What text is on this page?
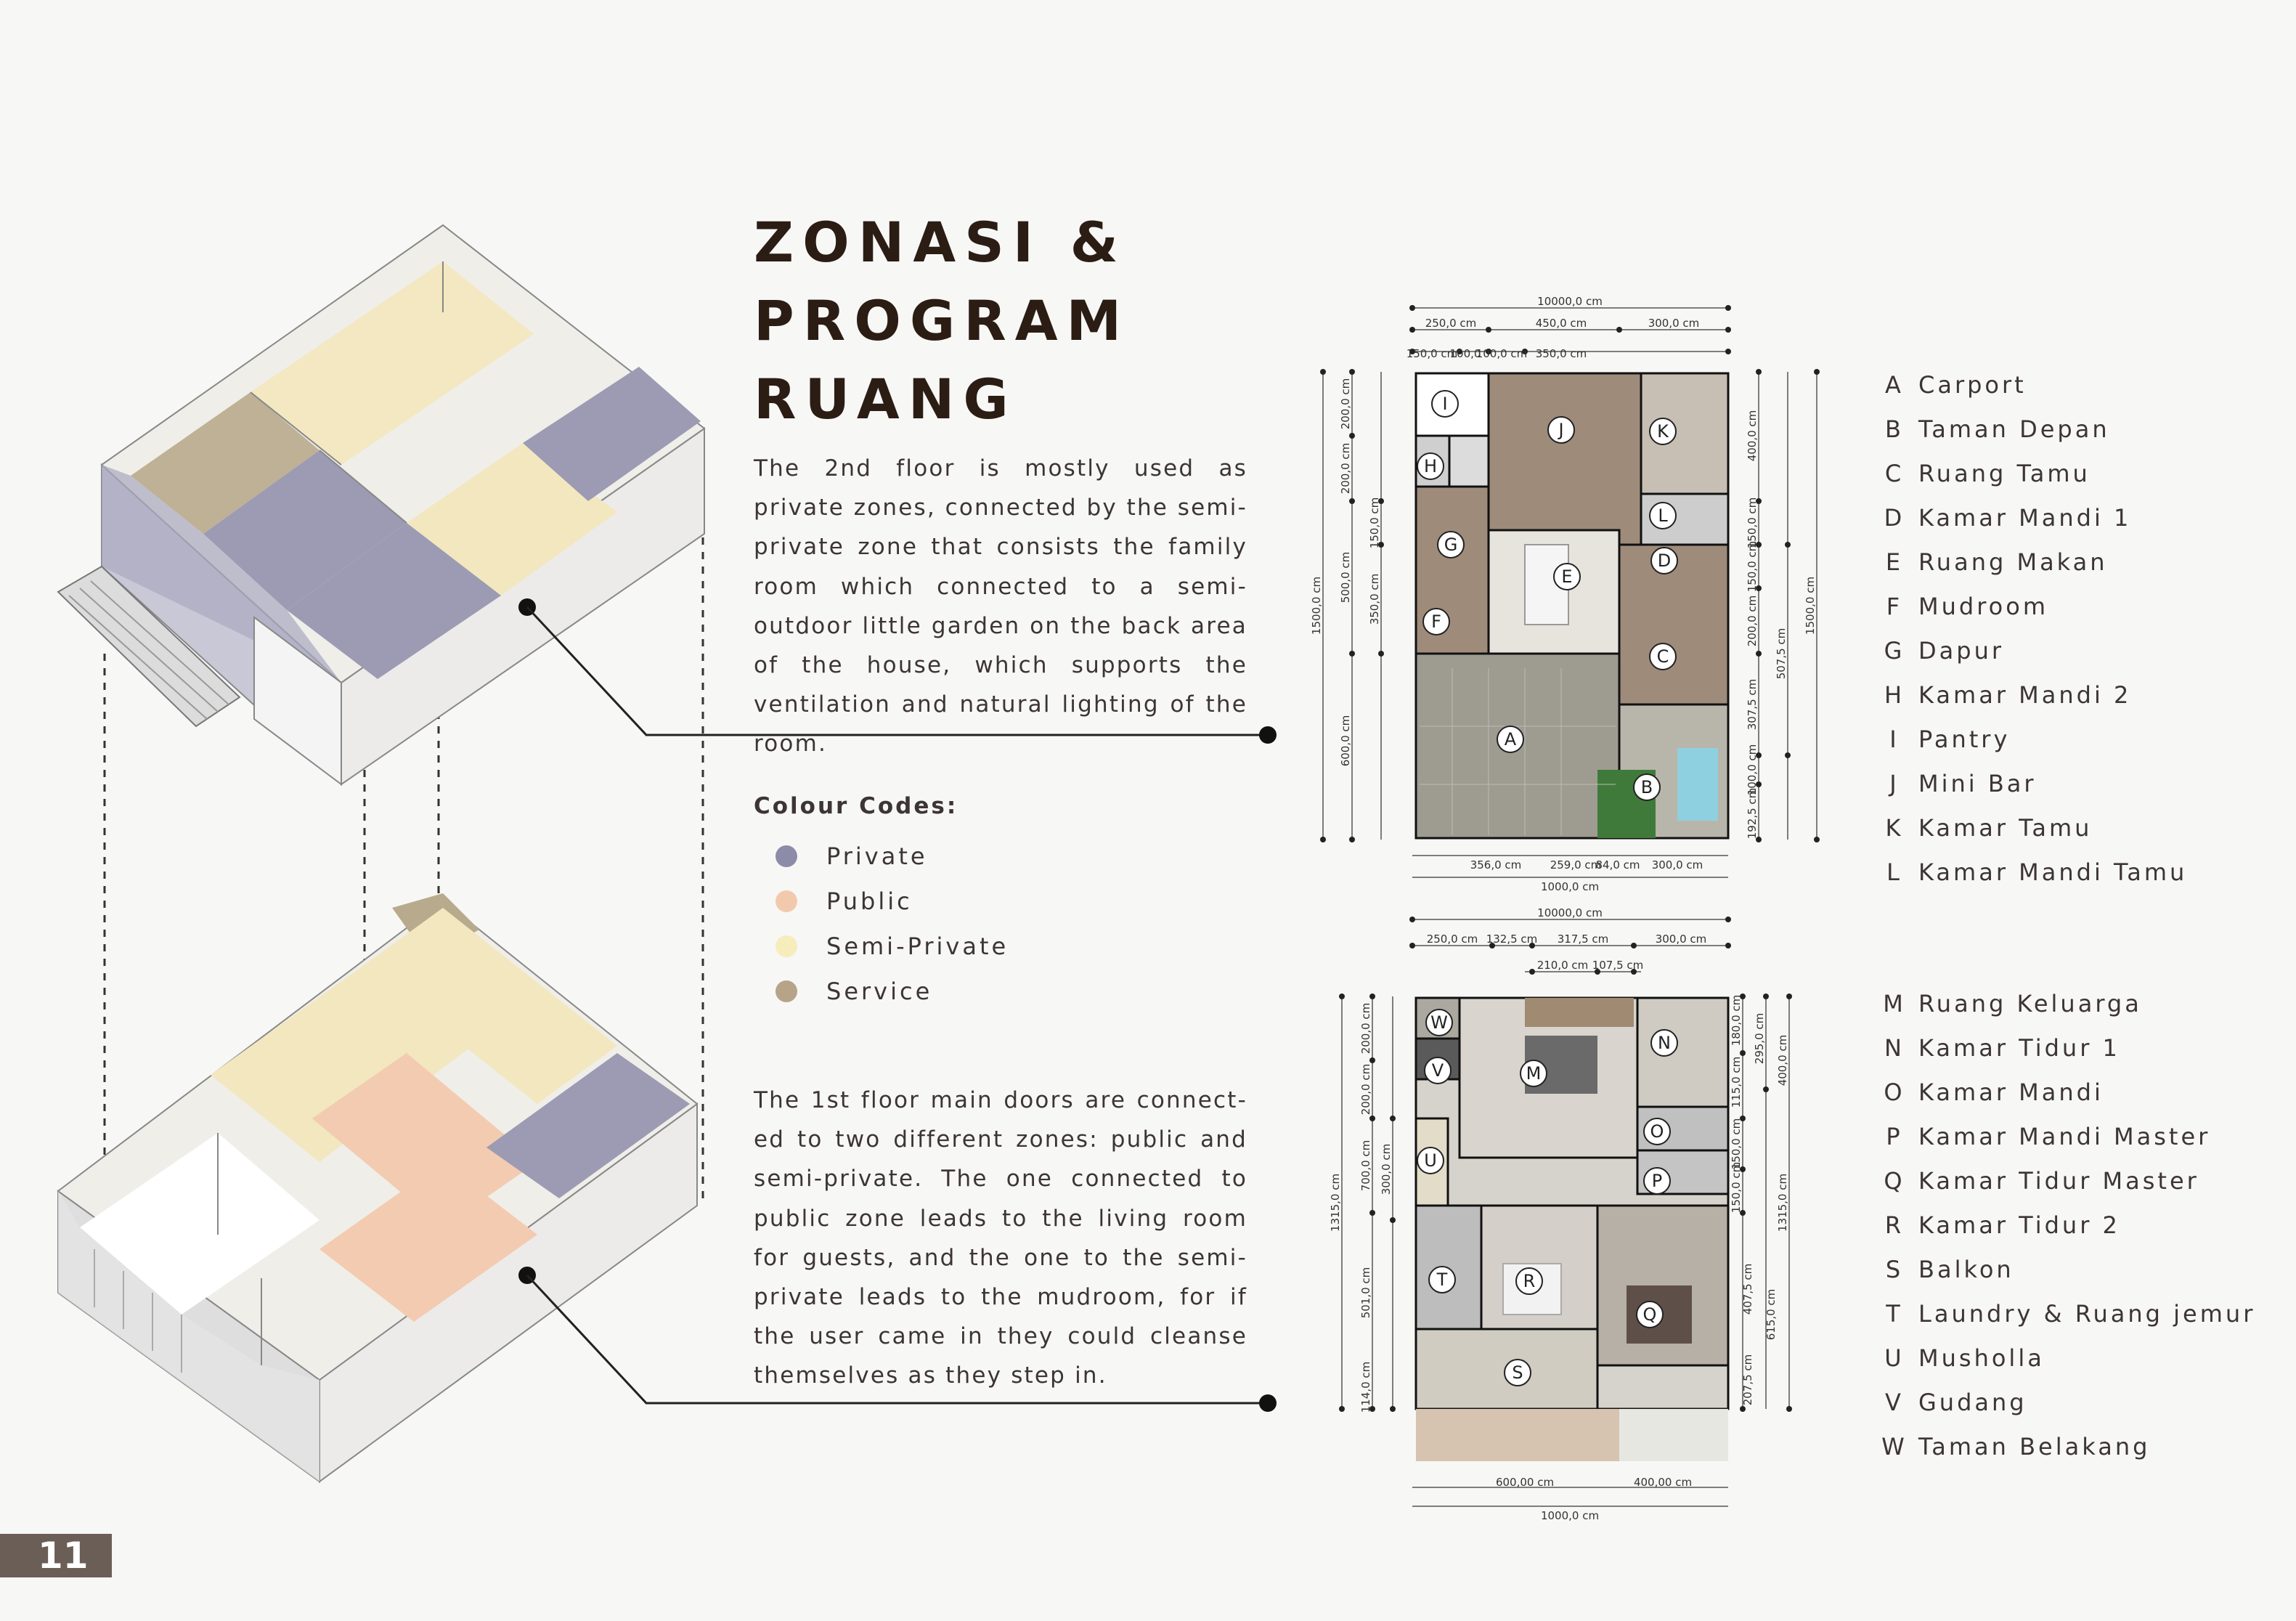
ZONASI &
PROGRAM
RUANG
The 2nd floor is mostly used as private zones, connected by the semi-private zone that consists the family room which connected to a semi-outdoor little garden on the back area of the house, which supports the ventilation and natural lighting of the room.
Colour Codes:
Private
Public
Semi-Private
Service
The 1st floor main doors are connect-ed to two different zones: public and semi-private. The one connected to public zone leads to the living room for guests, and the one to the semi-private leads to the mudroom, for if the user came in they could cleanse themselves as they step in.
10000,0 cm
250,0 cm	450,0 cm	300,0 cm
150,0 cm
100,0
100,0 cm 350,0 cm
356,0 cm	259,0 cm
84,0 cm 300,0 cm
1000,0 cm
1500,0 cm
200,0 cm
200,0 cm
500,0 cm
150,0 cm
350,0 cm
600,0 cm
1500,0 cm
400,0 cm
150,0 cm
150,0 cm
200,0 cm
307,5 cm
507,5 cm
100,0 cm
192,5 cm
I
H
J	K
L
G
D
E
F
C
A
B
10000,0 cm
250,0 cm 132,5 cm 317,5 cm	300,0 cm
210,0 cm 107,5 cm
600,00 cm	400,00 cm
1000,0 cm
1315,0 cm
200,0 cm
200,0 cm
700,0 cm 300,0 cm
501,0 cm
114,0 cm
1315,0 cm
180,0 cm
115,0 cm
295,0 cm 400,0 cm
150,0 cm
150,0 cm
407,5 cm 615,0 cm
207,5 cm
W
V	M
N
O
U
P
T	R
Q
S
A Carport
B Taman Depan
C Ruang Tamu
D Kamar Mandi 1
E Ruang Makan
F Mudroom
G Dapur
H Kamar Mandi 2
I Pantry
J Mini Bar
K Kamar Tamu
L Kamar Mandi Tamu
M Ruang Keluarga
N Kamar Tidur 1
O Kamar Mandi
P Kamar Mandi Master
Q Kamar Tidur Master
R Kamar Tidur 2
S Balkon
T Laundry & Ruang jemur
U Musholla
V Gudang
W Taman Belakang
11
